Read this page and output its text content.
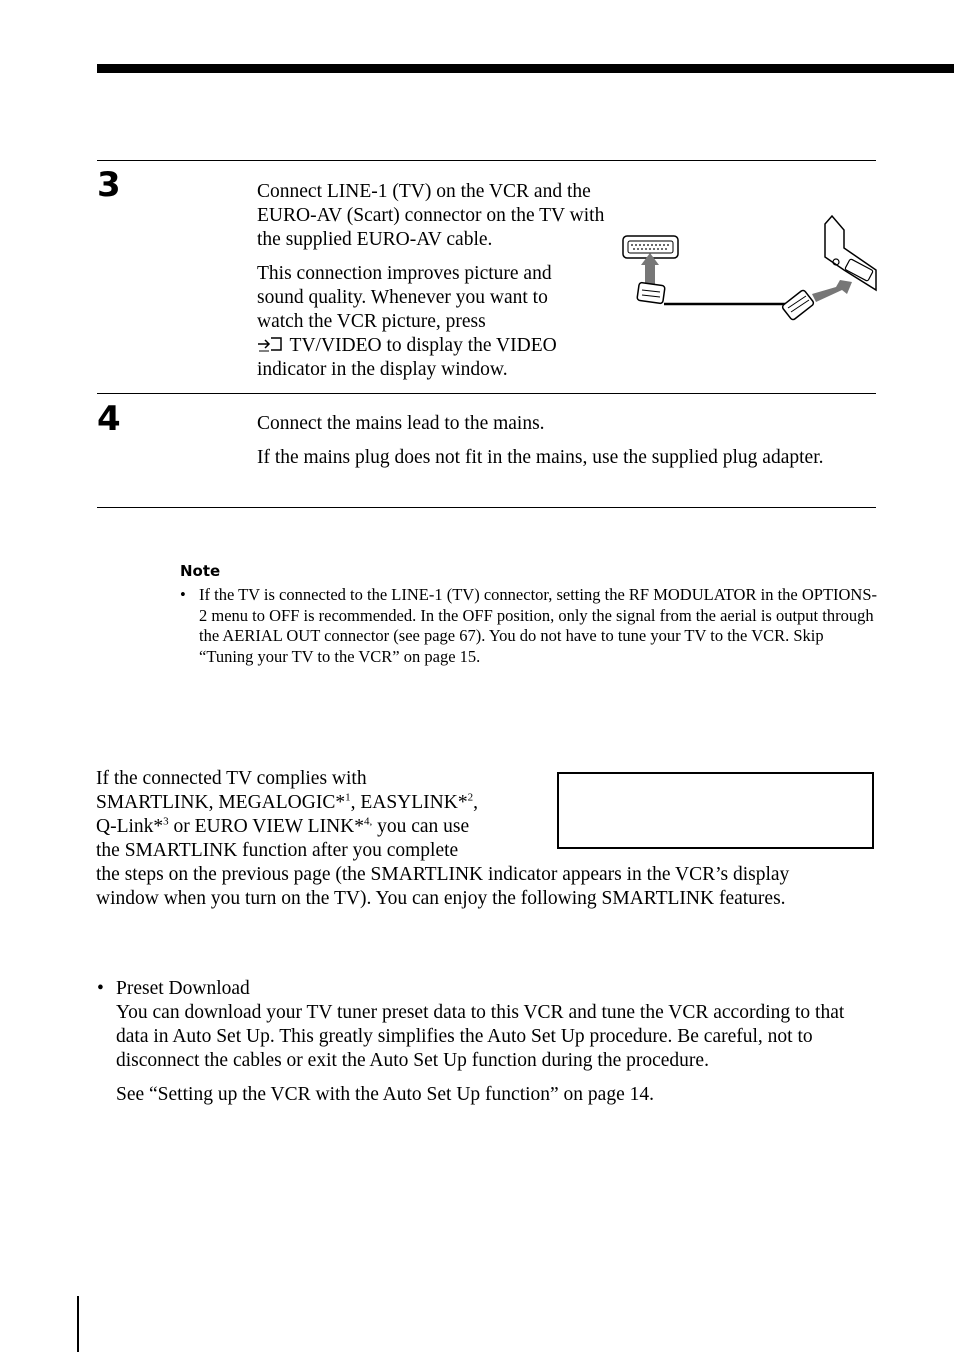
3	Connect LINE-1 (TV) on the VCR and the EURO-AV (Scart) connector on the TV with the supplied EURO-AV cable.

This connection improves picture and
sound quality. Whenever you want to
watch the VCR picture, press
TV/VIDEO to display the VIDEO
indicator in the display window.

4	Connect the mains lead to the mains.

If the mains plug does not fit in the mains, use the supplied plug adapter.

Note
• If the TV is connected to the LINE-1 (TV) connector, setting the RF MODULATOR in the OPTIONS-2 menu to OFF is recommended. In the OFF position, only the signal from the aerial is output through the AERIAL OUT connector (see page 67). You do not have to tune your TV to the VCR. Skip “Tuning your TV to the VCR” on page 15.
If the connected TV complies with
SMARTLINK, MEGALOGIC*$^1$, EASYLINK*$^2$,
Q-Link*$^3$ or EURO VIEW LINK*$^{4,}$ you can use
the SMARTLINK function after you complete
the steps on the previous page (the SMARTLINK indicator appears in the VCR’s display window when you turn on the TV). You can enjoy the following SMARTLINK features.
• Preset Download

You can download your TV tuner preset data to this VCR and tune the VCR according to that data in Auto Set Up. This greatly simplifies the Auto Set Up procedure. Be careful, not to disconnect the cables or exit the Auto Set Up function during the procedure.

See “Setting up the VCR with the Auto Set Up function” on page 14.
